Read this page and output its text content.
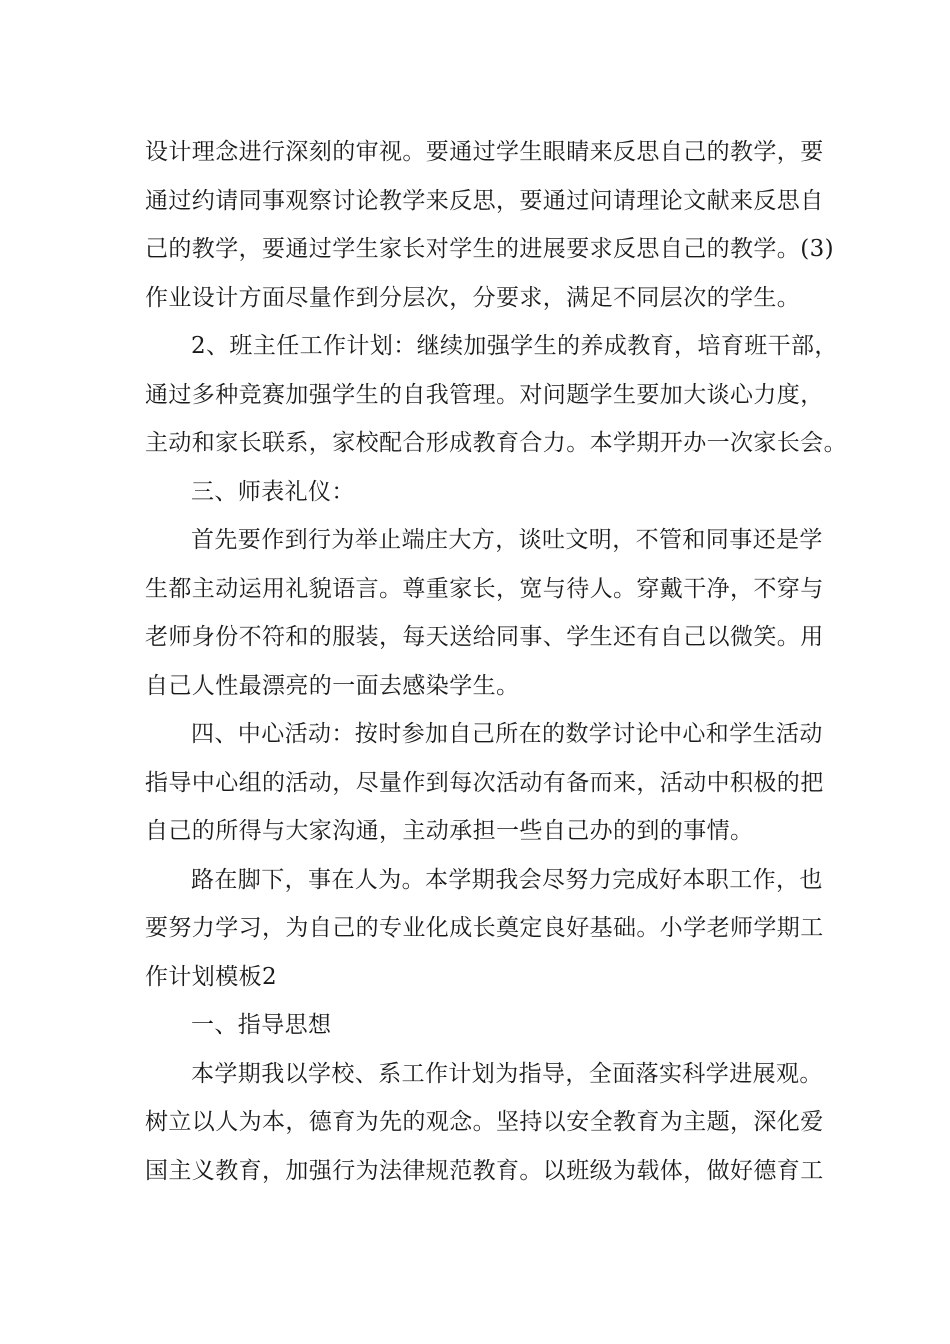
设计理念进行深刻的审视。要通过学生眼睛来反思自己的教学，要
通过约请同事观察讨论教学来反思，要通过问请理论文献来反思自
己的教学，要通过学生家长对学生的进展要求反思自己的教学。(3)
作业设计方面尽量作到分层次，分要求，满足不同层次的学生。
2、班主任工作计划：继续加强学生的养成教育，培育班干部，
通过多种竞赛加强学生的自我管理。对问题学生要加大谈心力度，
主动和家长联系，家校配合形成教育合力。本学期开办一次家长会。
三、师表礼仪：
首先要作到行为举止端庄大方，谈吐文明，不管和同事还是学
生都主动运用礼貌语言。尊重家长，宽与待人。穿戴干净，不穿与
老师身份不符和的服装，每天送给同事、学生还有自己以微笑。用
自己人性最漂亮的一面去感染学生。
四、中心活动：按时参加自己所在的数学讨论中心和学生活动
指导中心组的活动，尽量作到每次活动有备而来，活动中积极的把
自己的所得与大家沟通，主动承担一些自己办的到的事情。
路在脚下，事在人为。本学期我会尽努力完成好本职工作，也
要努力学习，为自己的专业化成长奠定良好基础。小学老师学期工
作计划模板2
一、指导思想
本学期我以学校、系工作计划为指导，全面落实科学进展观。
树立以人为本，德育为先的观念。坚持以安全教育为主题，深化爱
国主义教育，加强行为法律规范教育。以班级为载体，做好德育工
